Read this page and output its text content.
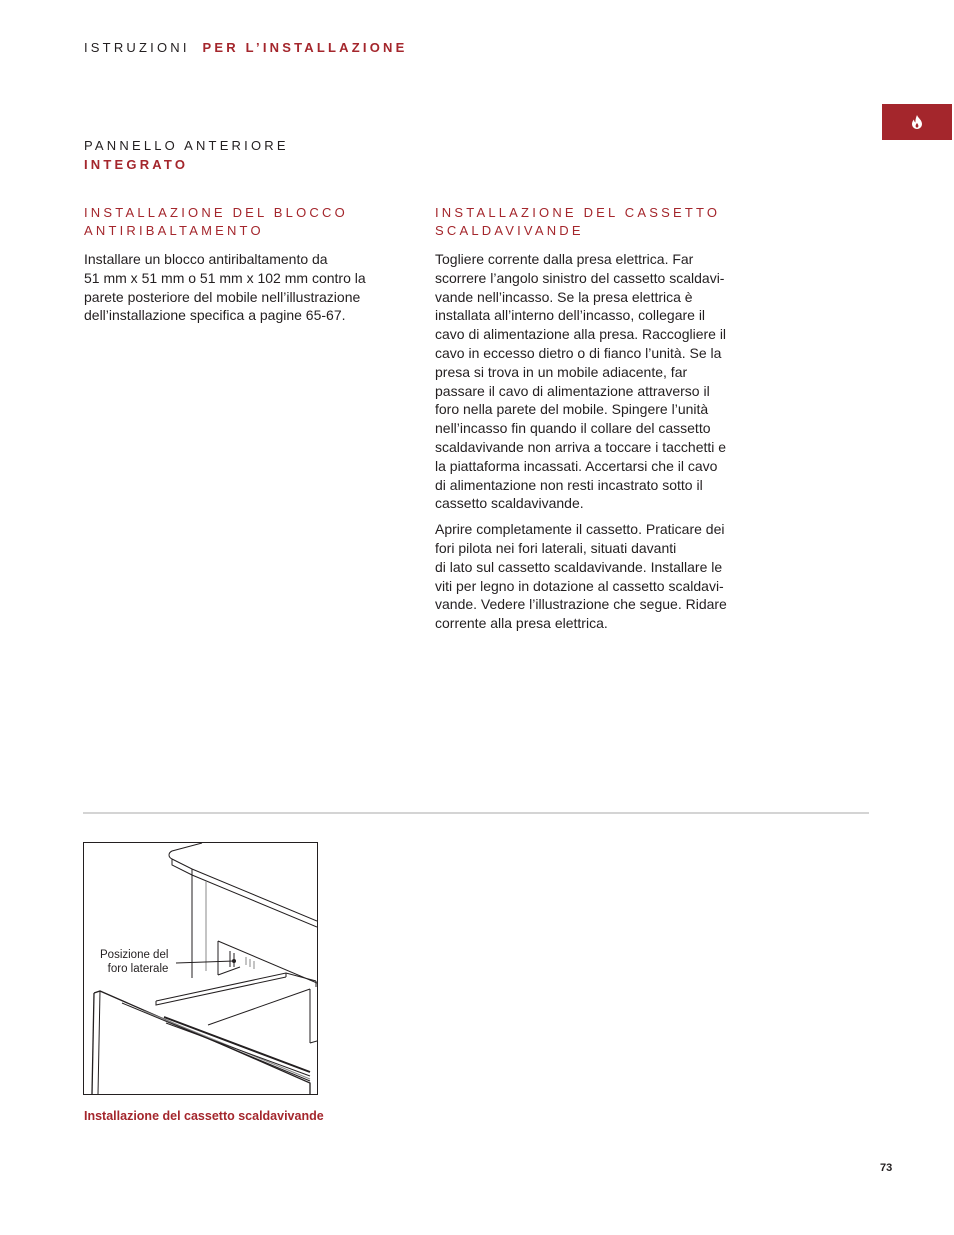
ISTRUZIONI PER L’INSTALLAZIONE
PANNELLO ANTERIORE
INTEGRATO
INSTALLAZIONE DEL BLOCCO
ANTIRIBALTAMENTO
Installare un blocco antiribaltamento da
51 mm x 51 mm o 51 mm x 102 mm contro la
parete posteriore del mobile nell’illustrazione
dell’installazione specifica a pagine 65-67.
INSTALLAZIONE DEL CASSETTO
SCALDAVIVANDE
Togliere corrente dalla presa elettrica. Far
scorrere l’angolo sinistro del cassetto scaldavi-
vande nell’incasso. Se la presa elettrica è
installata all’interno dell’incasso, collegare il
cavo di alimentazione alla presa. Raccogliere il
cavo in eccesso dietro o di fianco l’unità. Se la
presa si trova in un mobile adiacente, far
passare il cavo di alimentazione attraverso il
foro nella parete del mobile. Spingere l’unità
nell’incasso fin quando il collare del cassetto
scaldavivande non arriva a toccare i tacchetti e
la piattaforma incassati. Accertarsi che il cavo
di alimentazione non resti incastrato sotto il
cassetto scaldavivande.
Aprire completamente il cassetto. Praticare dei
fori pilota nei fori laterali, situati davanti
di lato sul cassetto scaldavivande. Installare le
viti per legno in dotazione al cassetto scaldavi-
vande. Vedere l’illustrazione che segue. Ridare
corrente alla presa elettrica.
Posizione del
foro laterale
Installazione del cassetto scaldavivande
73
